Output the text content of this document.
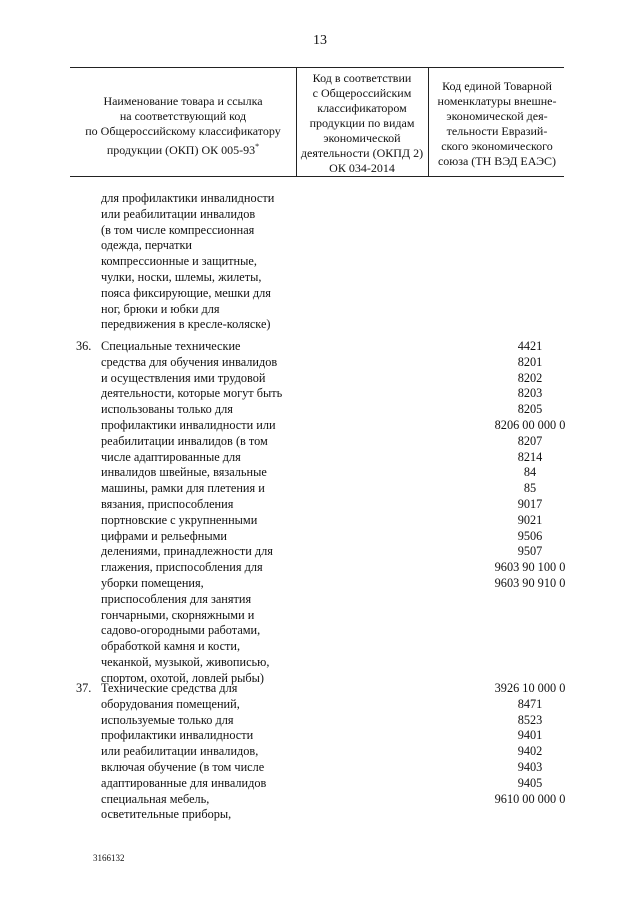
13
Наименование товара и ссылка
на соответствующий код
по Общероссийскому классификатору
продукции (ОКП) ОК 005-93*
Код в соответствии
с Общероссийским
классификатором
продукции по видам
экономической
деятельности (ОКПД 2)
ОК 034-2014
Код единой Товарной
номенклатуры внешне-
экономической дея-
тельности Евразий-
ского экономического
союза (ТН ВЭД ЕАЭС)
для профилактики инвалидности
или реабилитации инвалидов
(в том числе компрессионная
одежда, перчатки
компрессионные и защитные,
чулки, носки, шлемы, жилеты,
пояса фиксирующие, мешки для
ног, брюки и юбки для
передвижения в кресле-коляске)
36. Специальные технические
средства для обучения инвалидов
и осуществления ими трудовой
деятельности, которые могут быть
использованы только для
профилактики инвалидности или
реабилитации инвалидов (в том
числе адаптированные для
инвалидов швейные, вязальные
машины, рамки для плетения и
вязания, приспособления
портновские с укрупненными
цифрами и рельефными
делениями, принадлежности для
глажения, приспособления для
уборки помещения,
приспособления для занятия
гончарными, скорняжными и
садово-огородными работами,
обработкой камня и кости,
чеканкой, музыкой, живописью,
спортом, охотой, ловлей рыбы)
4421
8201
8202
8203
8205
8206 00 000 0
8207
8214
84
85
9017
9021
9506
9507
9603 90 100 0
9603 90 910 0
37. Технические средства для
оборудования помещений,
используемые только для
профилактики инвалидности
или реабилитации инвалидов,
включая обучение (в том числе
адаптированные для инвалидов
специальная мебель,
осветительные приборы,
3926 10 000 0
8471
8523
9401
9402
9403
9405
9610 00 000 0
3166132
